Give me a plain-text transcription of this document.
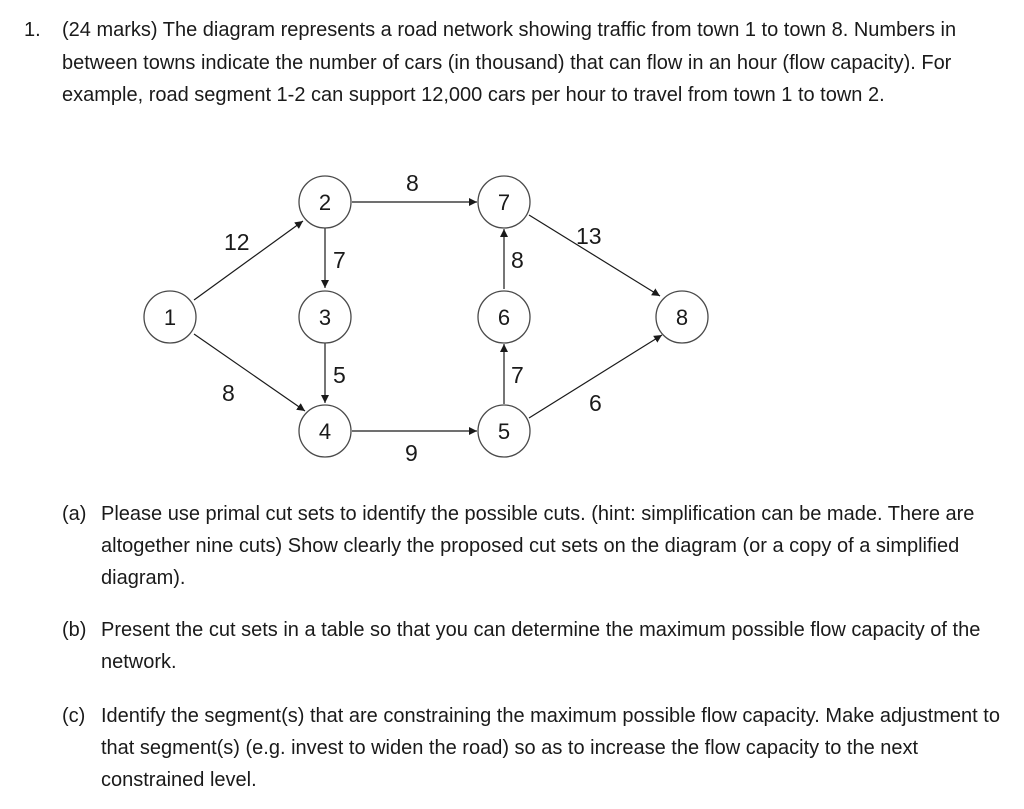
1. (24 marks) The diagram represents a road network showing traffic from town 1 to town 8. Numbers in between towns indicate the number of cars (in thousand) that can flow in an hour (flow capacity). For example, road segment 1-2 can support 12,000 cars per hour to travel from town 1 to town 2.

12
8
7
5
8
9
8
7
13
6
1
2
3
4	5
6
7
8
(a) Please use primal cut sets to identify the possible cuts. (hint: simplification can be made. There are altogether nine cuts) Show clearly the proposed cut sets on the diagram (or a copy of a simplified diagram).

(b) Present the cut sets in a table so that you can determine the maximum possible flow capacity of the network.

(c) Identify the segment(s) that are constraining the maximum possible flow capacity. Make adjustment to that segment(s) (e.g. invest to widen the road) so as to increase the flow capacity to the next constrained level.
